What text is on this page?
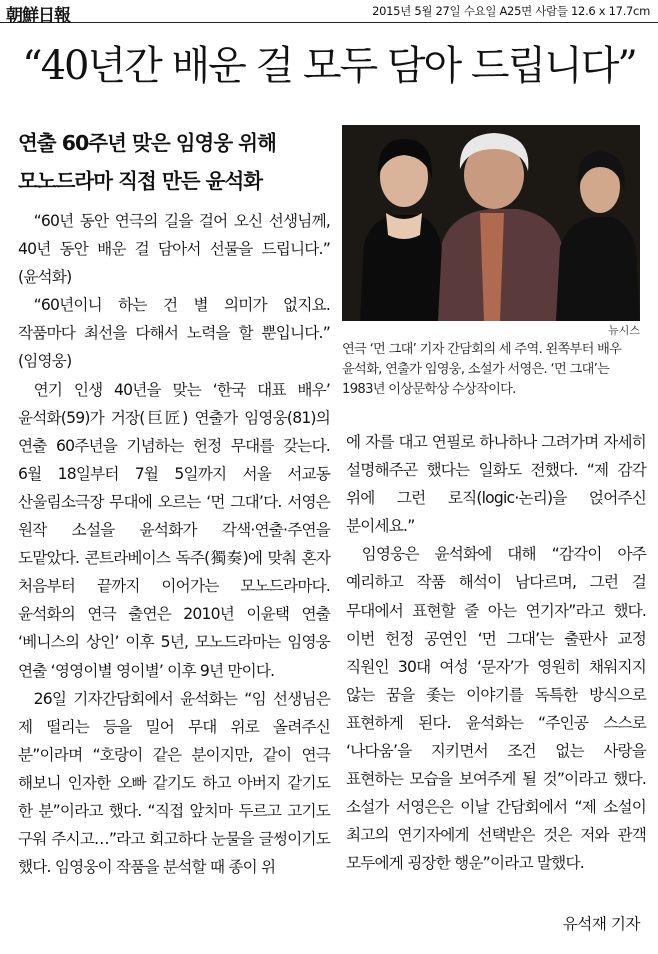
朝鮮日報	2015년 5월 27일 수요일 A25면 사람들 12.6 x 17.7cm
“40년간 배운 걸 모두 담아 드립니다”
연출 60주년 맞은 임영웅 위해
모노드라마 직접 만든 윤석화

“60년 동안 연극의 길을 걸어 오신 선생님께, 40년 동안 배운 걸 담아서 선물을 드립니다.” (윤석화)

“60년이니 하는 건 별 의미가 없지요. 작품마다 최선을 다해서 노력을 할 뿐입니다.” (임영웅)

연기 인생 40년을 맞는 ‘한국 대표 배우’ 윤석화(59)가 거장(巨匠) 연출가 임영웅(81)의 연출 60주년을 기념하는 헌정 무대를 갖는다. 6월 18일부터 7월 5일까지 서울 서교동 산울림소극장 무대에 오르는 ‘먼 그대’다. 서영은 원작 소설을 윤석화가 각색·연출·주연을 도맡았다. 콘트라베이스 독주(獨奏)에 맞춰 혼자 처음부터 끝까지 이어가는 모노드라마다. 윤석화의 연극 출연은 2010년 이윤택 연출 ‘베니스의 상인’ 이후 5년, 모노드라마는 임영웅 연출 ‘영영이별 영이별’ 이후 9년 만이다.

26일 기자간담회에서 윤석화는 “임 선생님은 제 떨리는 등을 밀어 무대 위로 올려주신 분”이라며 “호랑이 같은 분이지만, 같이 연극 해보니 인자한 오빠 같기도 하고 아버지 같기도 한 분”이라고 했다. “직접 앞치마 두르고 고기도 구워 주시고…”라고 회고하다 눈물을 글썽이기도 했다. 임영웅이 작품을 분석할 때 종이 위

뉴시스
연극 ‘먼 그대’ 기자 간담회의 세 주역. 왼쪽부터 배우 윤석화, 연출가 임영웅, 소설가 서영은. ‘먼 그대’는 1983년 이상문학상 수상작이다.

에 자를 대고 연필로 하나하나 그려가며 자세히 설명해주곤 했다는 일화도 전했다. “제 감각 위에 그런 로직(logic·논리)을 얹어주신 분이세요.”

임영웅은 윤석화에 대해 “감각이 아주 예리하고 작품 해석이 남다르며, 그런 걸 무대에서 표현할 줄 아는 연기자”라고 했다. 이번 헌정 공연인 ‘먼 그대’는 출판사 교정 직원인 30대 여성 ‘문자’가 영원히 채워지지 않는 꿈을 좇는 이야기를 독특한 방식으로 표현하게 된다. 윤석화는 “주인공 스스로 ‘나다움’을 지키면서 조건 없는 사랑을 표현하는 모습을 보여주게 될 것”이라고 했다. 소설가 서영은은 이날 간담회에서 “제 소설이 최고의 연기자에게 선택받은 것은 저와 관객 모두에게 굉장한 행운”이라고 말했다.

유석재 기자
